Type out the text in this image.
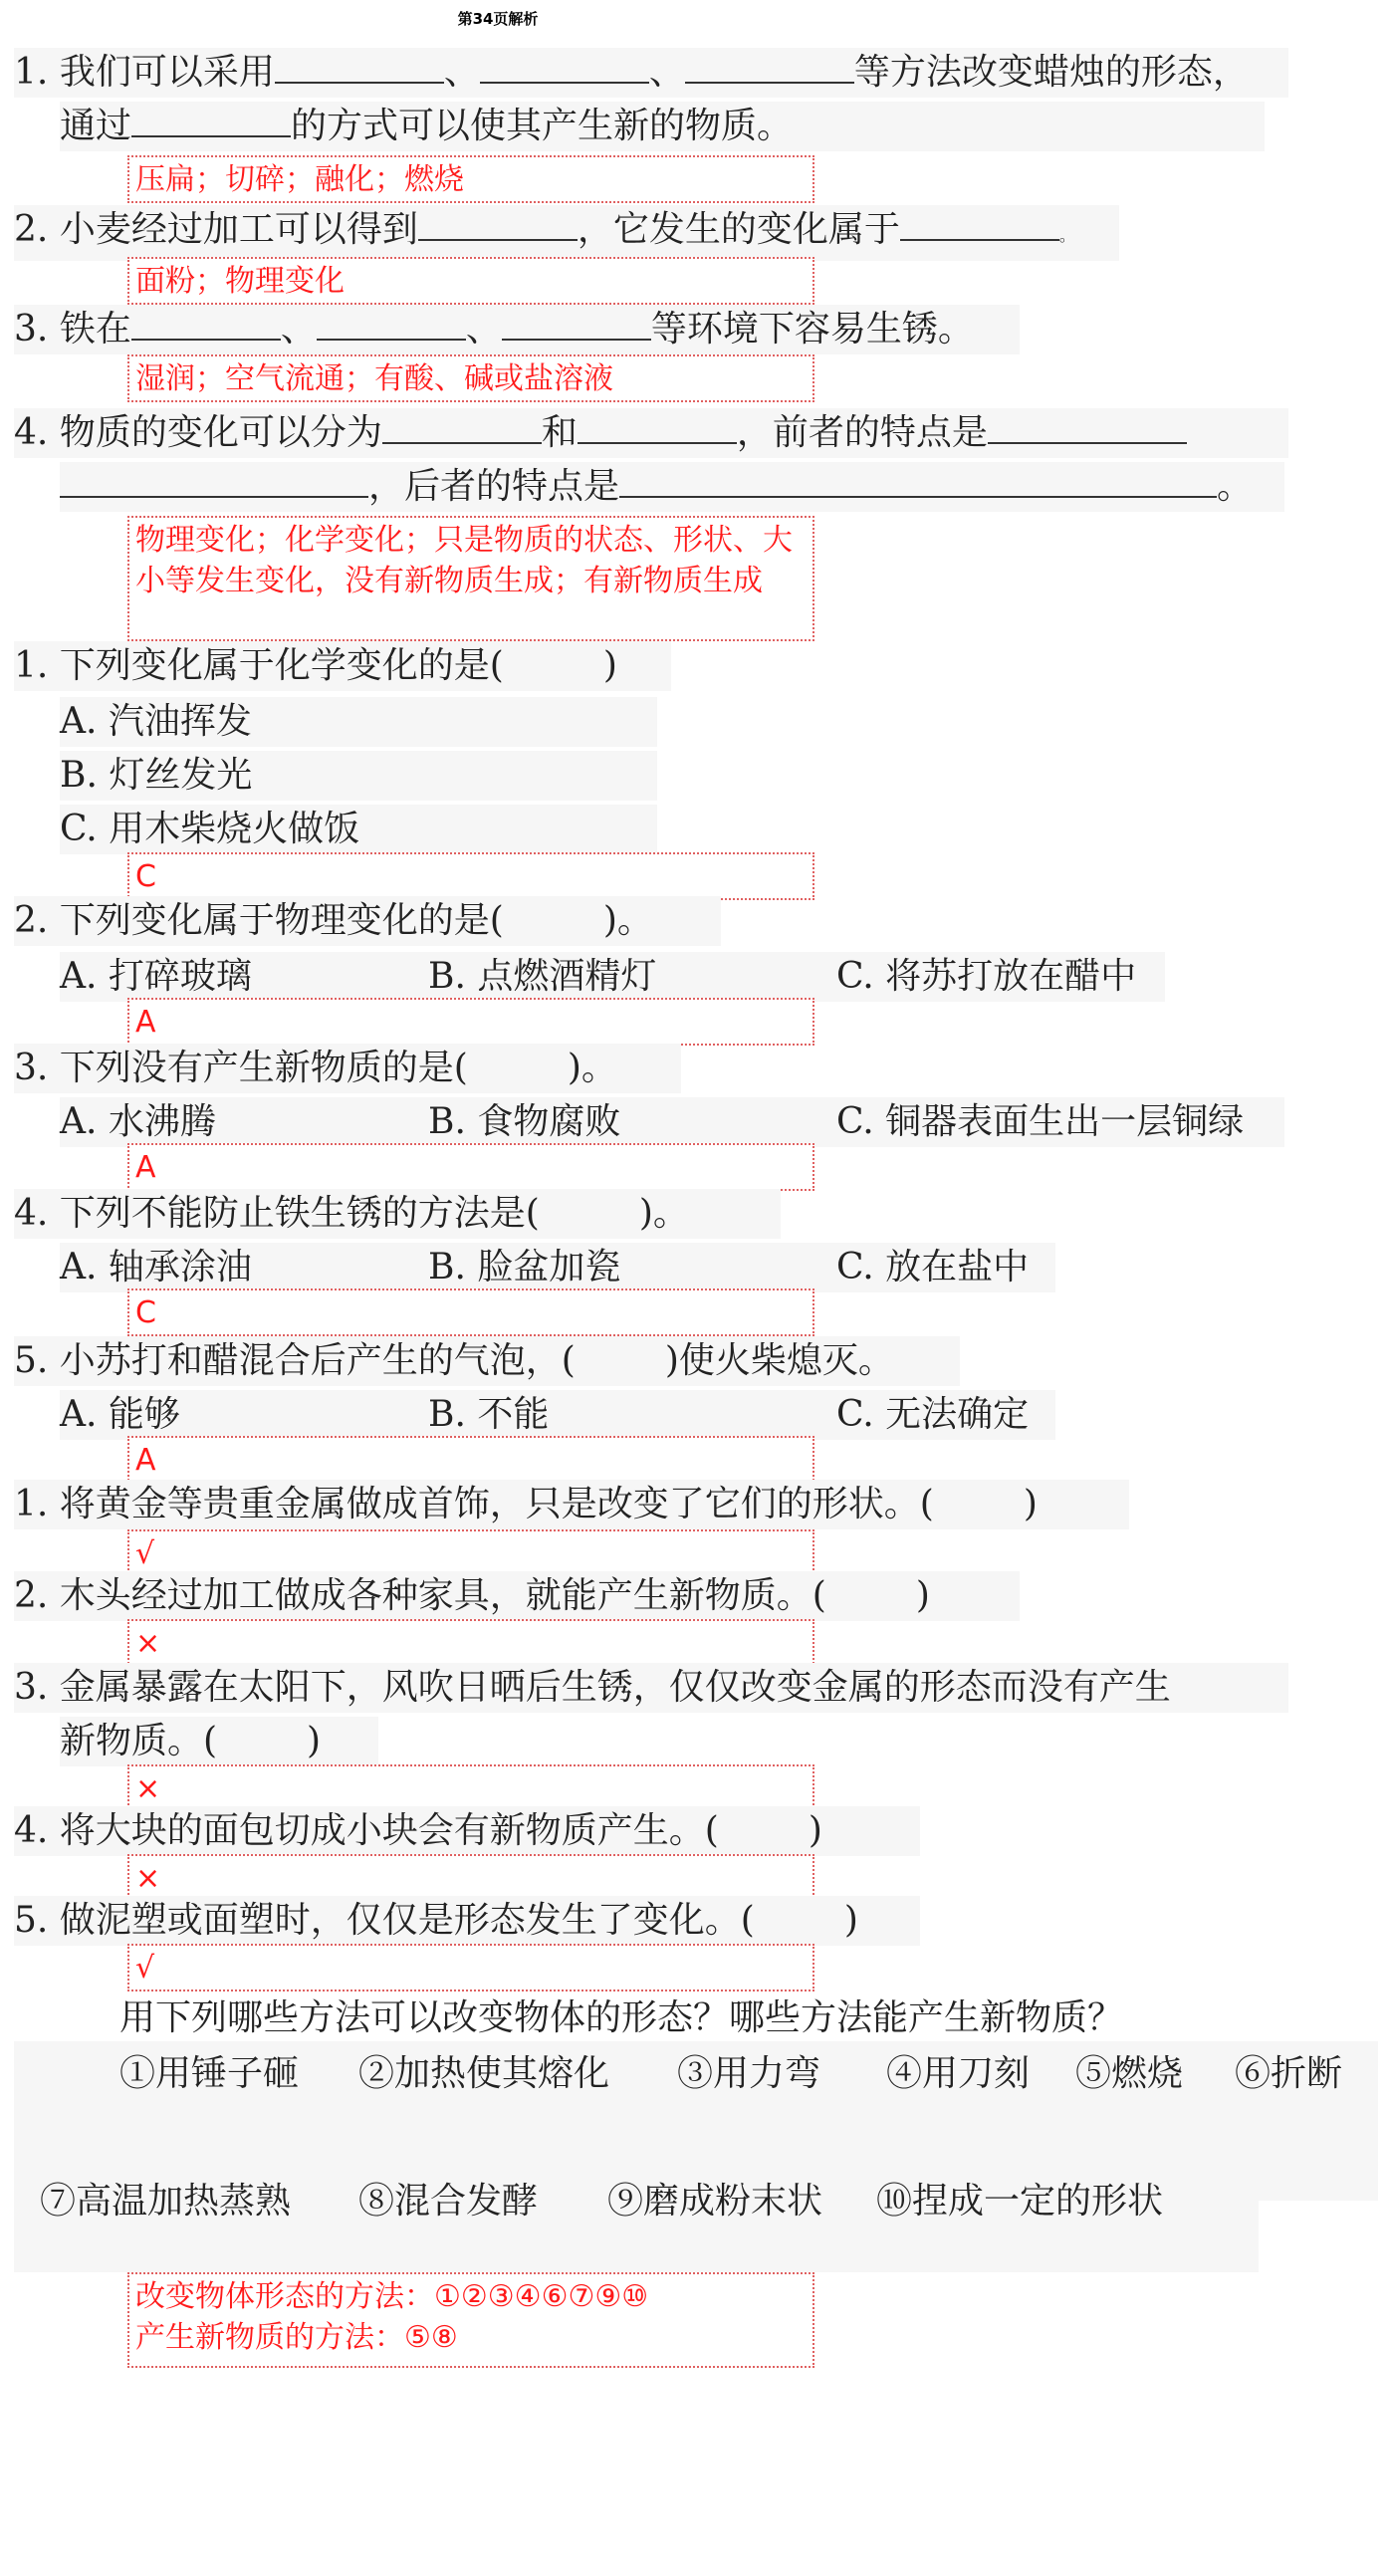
第34页解析
1. 我们可以采用	、	、	等方法改变蜡烛的形态，
通过	的方式可以使其产生新的物质。
压扁；切碎；融化；燃烧
2. 小麦经过加工可以得到	，它发生的变化属于	。
面粉；物理变化
3. 铁在	、	、	等环境下容易生锈。
湿润；空气流通；有酸、碱或盐溶液
4. 物质的变化可以分为	和	，前者的特点是
，后者的特点是	。
物理变化；化学变化；只是物质的状态、形状、大小等发生变化，没有新物质生成；有新物质生成
1. 下列变化属于化学变化的是(	)
A. 汽油挥发
B. 灯丝发光
C. 用木柴烧火做饭
C
2. 下列变化属于物理变化的是(	)。
A. 打碎玻璃	B. 点燃酒精灯	C. 将苏打放在醋中
A
3. 下列没有产生新物质的是(	)。
A. 水沸腾	B. 食物腐败	C. 铜器表面生出一层铜绿
A
4. 下列不能防止铁生锈的方法是(	)。
A. 轴承涂油	B. 脸盆加瓷	C. 放在盐中
C
5. 小苏打和醋混合后产生的气泡，(	)使火柴熄灭。
A. 能够	B. 不能	C. 无法确定
A
1. 将黄金等贵重金属做成首饰，只是改变了它们的形状。(	)
√
2. 木头经过加工做成各种家具，就能产生新物质。(	)
×
3. 金属暴露在太阳下，风吹日晒后生锈，仅仅改变金属的形态而没有产生
新物质。(	)
×
4. 将大块的面包切成小块会有新物质产生。(	)
×
5. 做泥塑或面塑时，仅仅是形态发生了变化。(	)
√
用下列哪些方法可以改变物体的形态？哪些方法能产生新物质？
①用锤子砸 ②加热使其熔化 ③用力弯 ④用刀刻 ⑤燃烧 ⑥折断
⑦高温加热蒸熟 ⑧混合发酵 ⑨磨成粉末状 ⑩捏成一定的形状
改变物体形态的方法：①②③④⑥⑦⑨⑩
产生新物质的方法：⑤⑧
